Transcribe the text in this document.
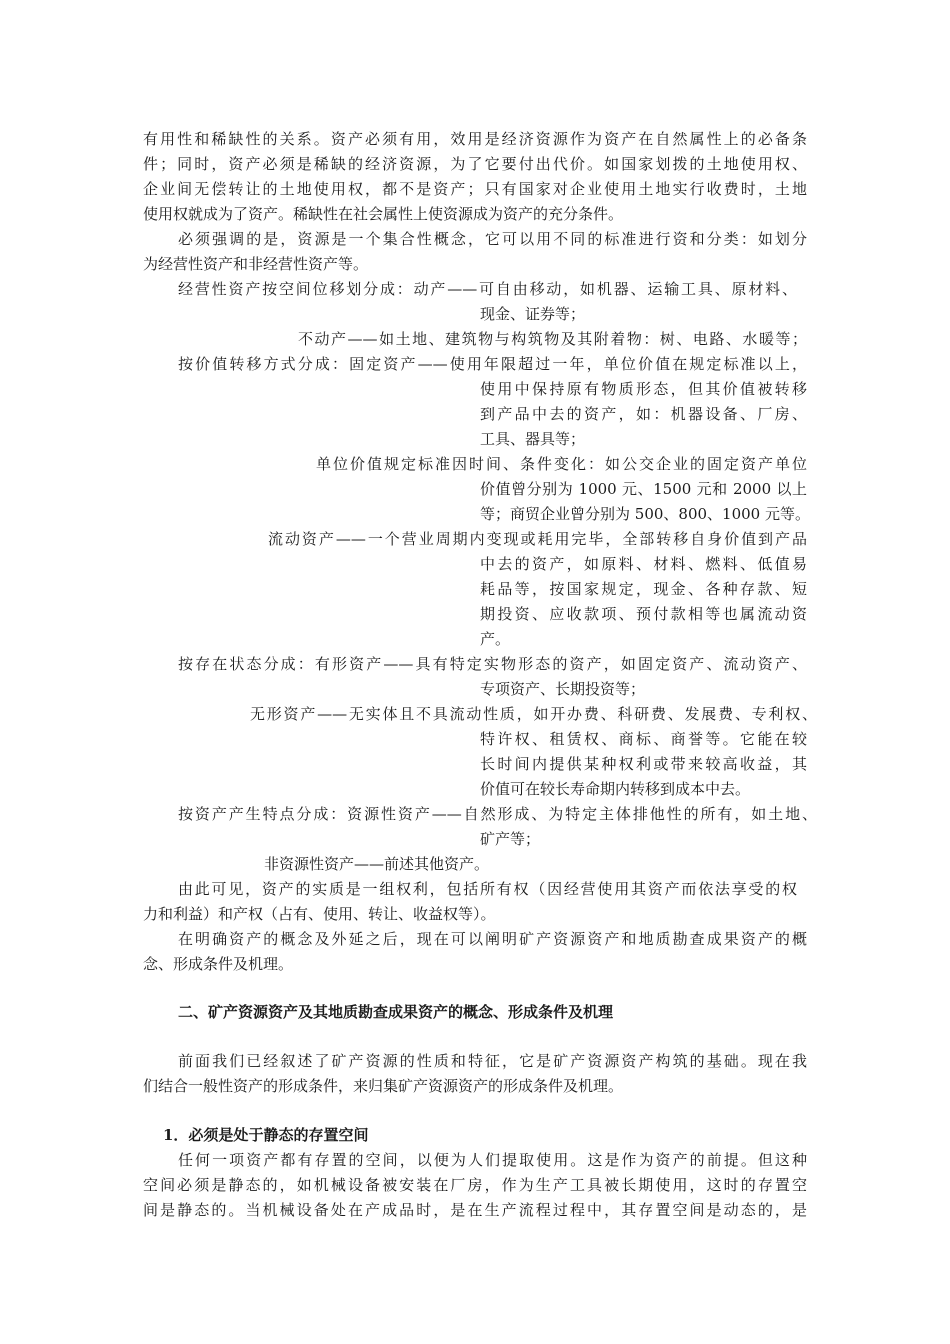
有用性和稀缺性的关系。资产必须有用，效用是经济资源作为资产在自然属性上的必备条
件；同时，资产必须是稀缺的经济资源，为了它要付出代价。如国家划拨的土地使用权、
企业间无偿转让的土地使用权，都不是资产；只有国家对企业使用土地实行收费时，土地
使用权就成为了资产。稀缺性在社会属性上使资源成为资产的充分条件。
必须强调的是，资源是一个集合性概念，它可以用不同的标准进行资和分类：如划分
为经营性资产和非经营性资产等。
经营性资产按空间位移划分成：动产——可自由移动，如机器、运输工具、原材料、
现金、证券等；
不动产——如土地、建筑物与构筑物及其附着物：树、电路、水暖等；
按价值转移方式分成：固定资产——使用年限超过一年，单位价值在规定标准以上，
使用中保持原有物质形态，但其价值被转移
到产品中去的资产，如：机器设备、厂房、
工具、器具等；
单位价值规定标准因时间、条件变化：如公交企业的固定资产单位
价值曾分别为 1000 元、1500 元和 2000 以上
等；商贸企业曾分别为 500、800、1000 元等。
流动资产——一个营业周期内变现或耗用完毕，全部转移自身价值到产品
中去的资产，如原料、材料、燃料、低值易
耗品等，按国家规定，现金、各种存款、短
期投资、应收款项、预付款相等也属流动资
产。
按存在状态分成：有形资产——具有特定实物形态的资产，如固定资产、流动资产、
专项资产、长期投资等；
无形资产——无实体且不具流动性质，如开办费、科研费、发展费、专利权、
特许权、租赁权、商标、商誉等。它能在较
长时间内提供某种权利或带来较高收益，其
价值可在较长寿命期内转移到成本中去。
按资产产生特点分成：资源性资产——自然形成、为特定主体排他性的所有，如土地、
矿产等；
非资源性资产——前述其他资产。
由此可见，资产的实质是一组权利，包括所有权（因经营使用其资产而依法享受的权
力和利益）和产权（占有、使用、转让、收益权等）。
在明确资产的概念及外延之后，现在可以阐明矿产资源资产和地质勘查成果资产的概
念、形成条件及机理。
二、矿产资源资产及其地质勘查成果资产的概念、形成条件及机理
前面我们已经叙述了矿产资源的性质和特征，它是矿产资源资产构筑的基础。现在我
们结合一般性资产的形成条件，来归集矿产资源资产的形成条件及机理。
1．必须是处于静态的存置空间
任何一项资产都有存置的空间，以便为人们提取使用。这是作为资产的前提。但这种
空间必须是静态的，如机械设备被安装在厂房，作为生产工具被长期使用，这时的存置空
间是静态的。当机械设备处在产成品时，是在生产流程过程中，其存置空间是动态的，是
